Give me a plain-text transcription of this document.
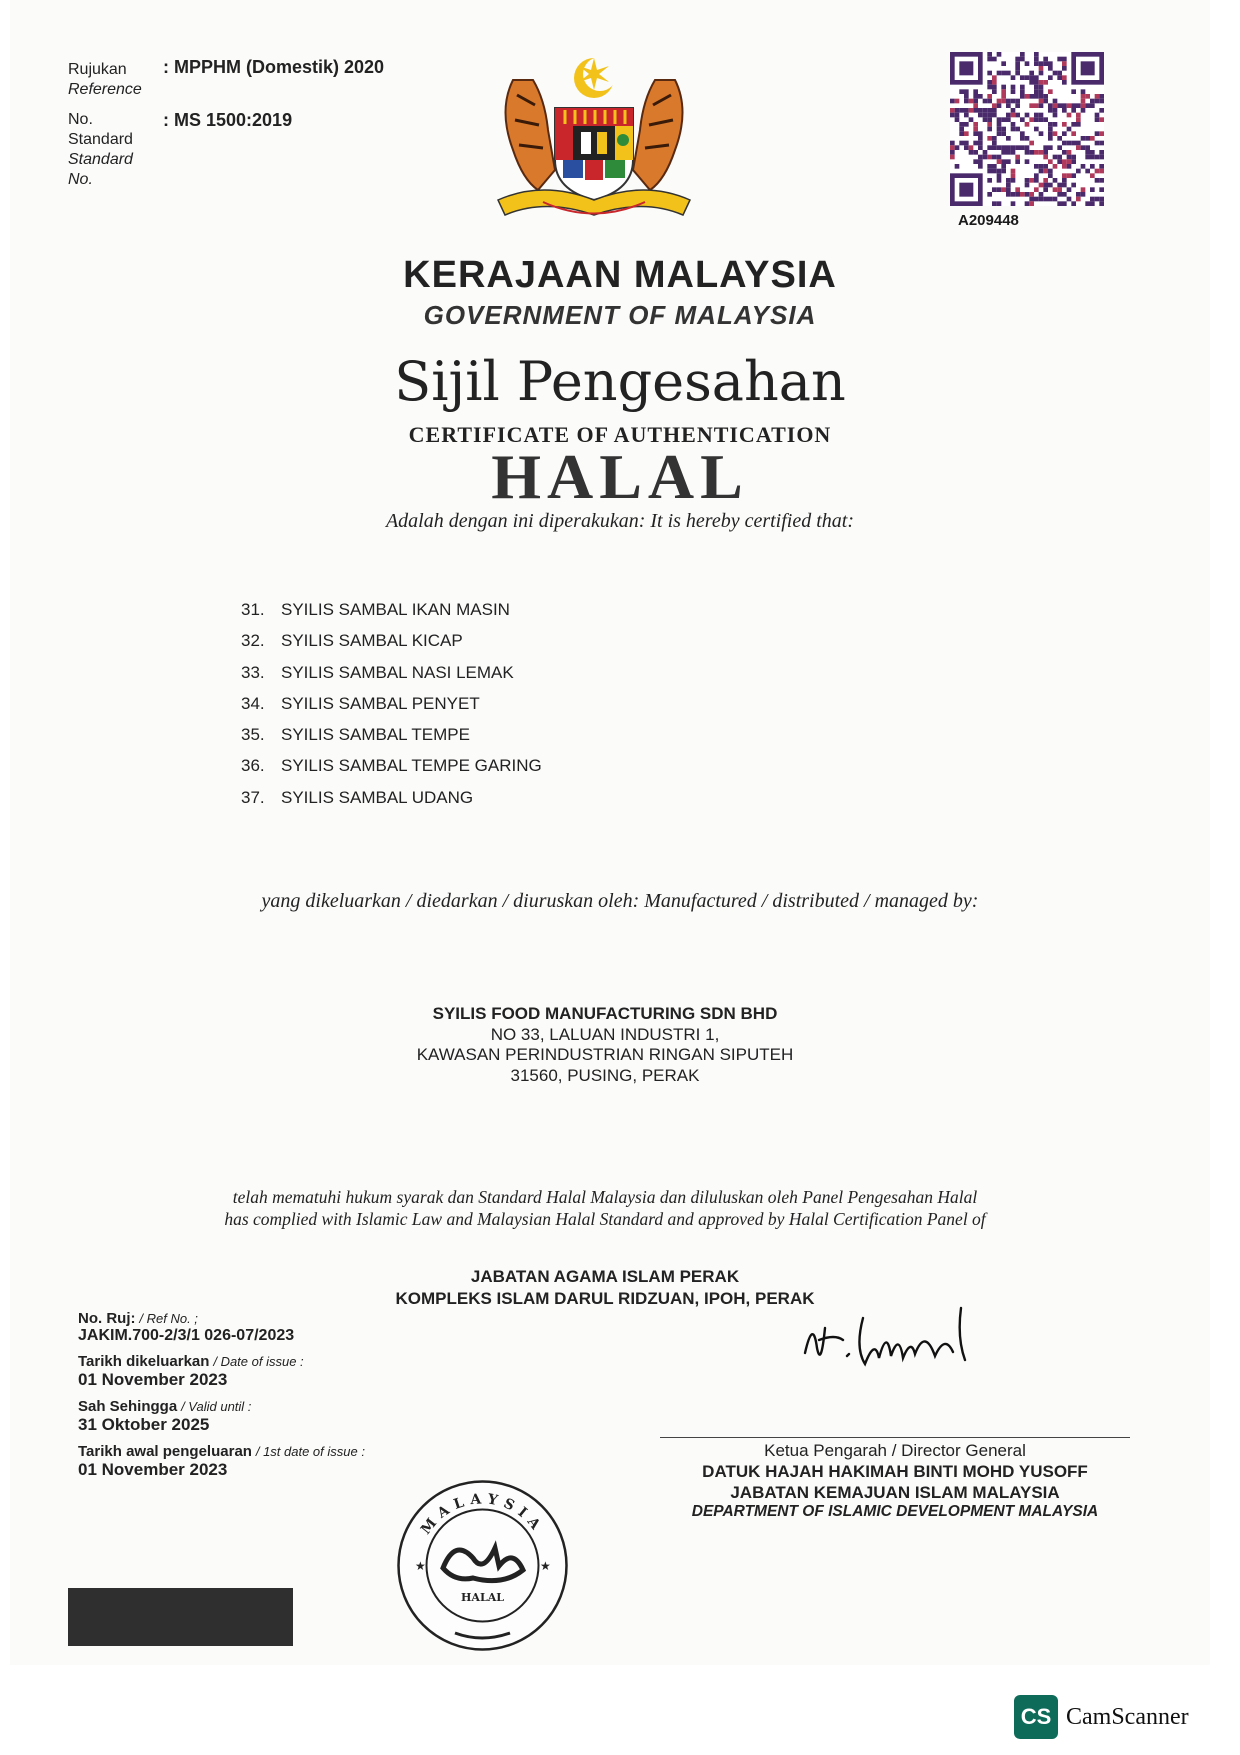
Rujukan
Reference
: MPPHM (Domestik) 2020
No.
Standard
Standard
No.
: MS 1500:2019
A209448
KERAJAAN MALAYSIA
GOVERNMENT OF MALAYSIA
Sijil Pengesahan
CERTIFICATE OF AUTHENTICATION
HALAL
Adalah dengan ini diperakukan: It is hereby certified that:
31. SYILIS SAMBAL IKAN MASIN
32. SYILIS SAMBAL KICAP
33. SYILIS SAMBAL NASI LEMAK
34. SYILIS SAMBAL PENYET
35. SYILIS SAMBAL TEMPE
36. SYILIS SAMBAL TEMPE GARING
37. SYILIS SAMBAL UDANG
yang dikeluarkan / diedarkan / diuruskan oleh: Manufactured / distributed / managed by:
SYILIS FOOD MANUFACTURING SDN BHD
NO 33, LALUAN INDUSTRI 1,
KAWASAN PERINDUSTRIAN RINGAN SIPUTEH
31560, PUSING, PERAK
telah mematuhi hukum syarak dan Standard Halal Malaysia dan diluluskan oleh Panel Pengesahan Halal
has complied with Islamic Law and Malaysian Halal Standard and approved by Halal Certification Panel of
JABATAN AGAMA ISLAM PERAK
KOMPLEKS ISLAM DARUL RIDZUAN, IPOH, PERAK
No. Ruj: / Ref No. ;
JAKIM.700-2/3/1 026-07/2023
Tarikh dikeluarkan / Date of issue :
01 November 2023
Sah Sehingga / Valid until :
31 Oktober 2025
Tarikh awal pengeluaran / 1st date of issue :
01 November 2023
MALAYSIA
★	★
HALAL
Ketua Pengarah / Director General
DATUK HAJAH HAKIMAH BINTI MOHD YUSOFF
JABATAN KEMAJUAN ISLAM MALAYSIA
DEPARTMENT OF ISLAMIC DEVELOPMENT MALAYSIA
CS CamScanner
